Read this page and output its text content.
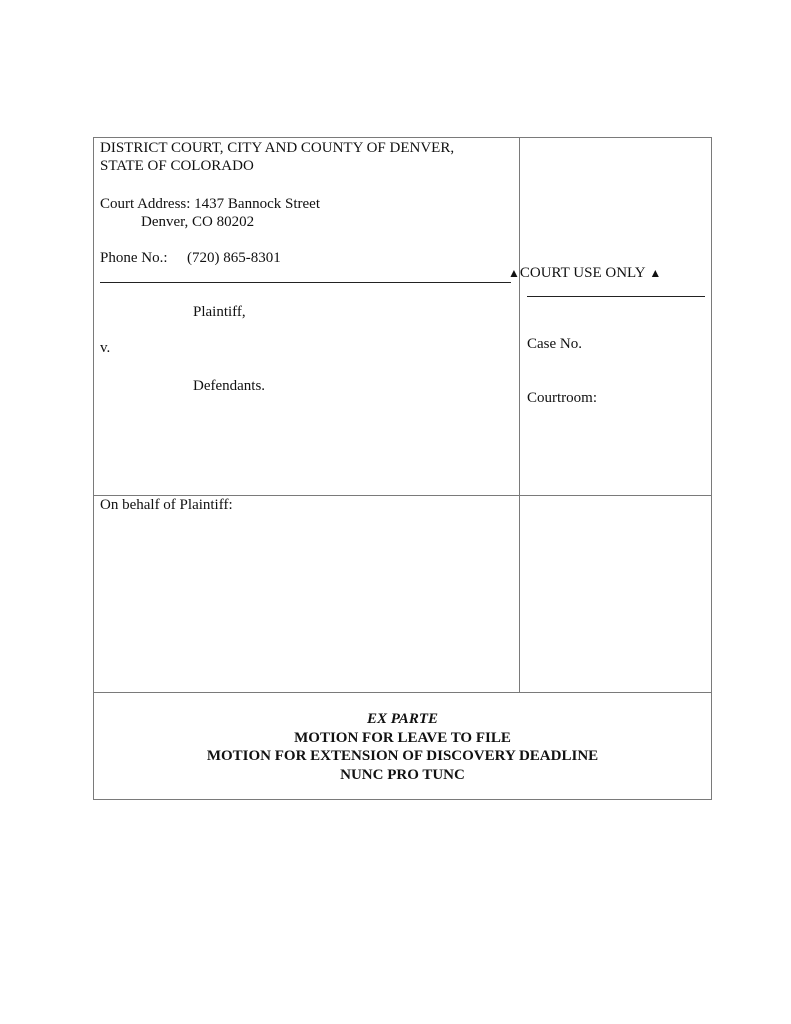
DISTRICT COURT, CITY AND COUNTY OF DENVER,
STATE OF COLORADO
Court Address: 1437 Bannock Street
Denver, CO 80202
Phone No.: (720) 865-8301
Plaintiff,
v.
Defendants.
▲COURT USE ONLY ▲
Case No.
Courtroom:
On behalf of Plaintiff:
EX PARTE
MOTION FOR LEAVE TO FILE
MOTION FOR EXTENSION OF DISCOVERY DEADLINE
NUNC PRO TUNC
